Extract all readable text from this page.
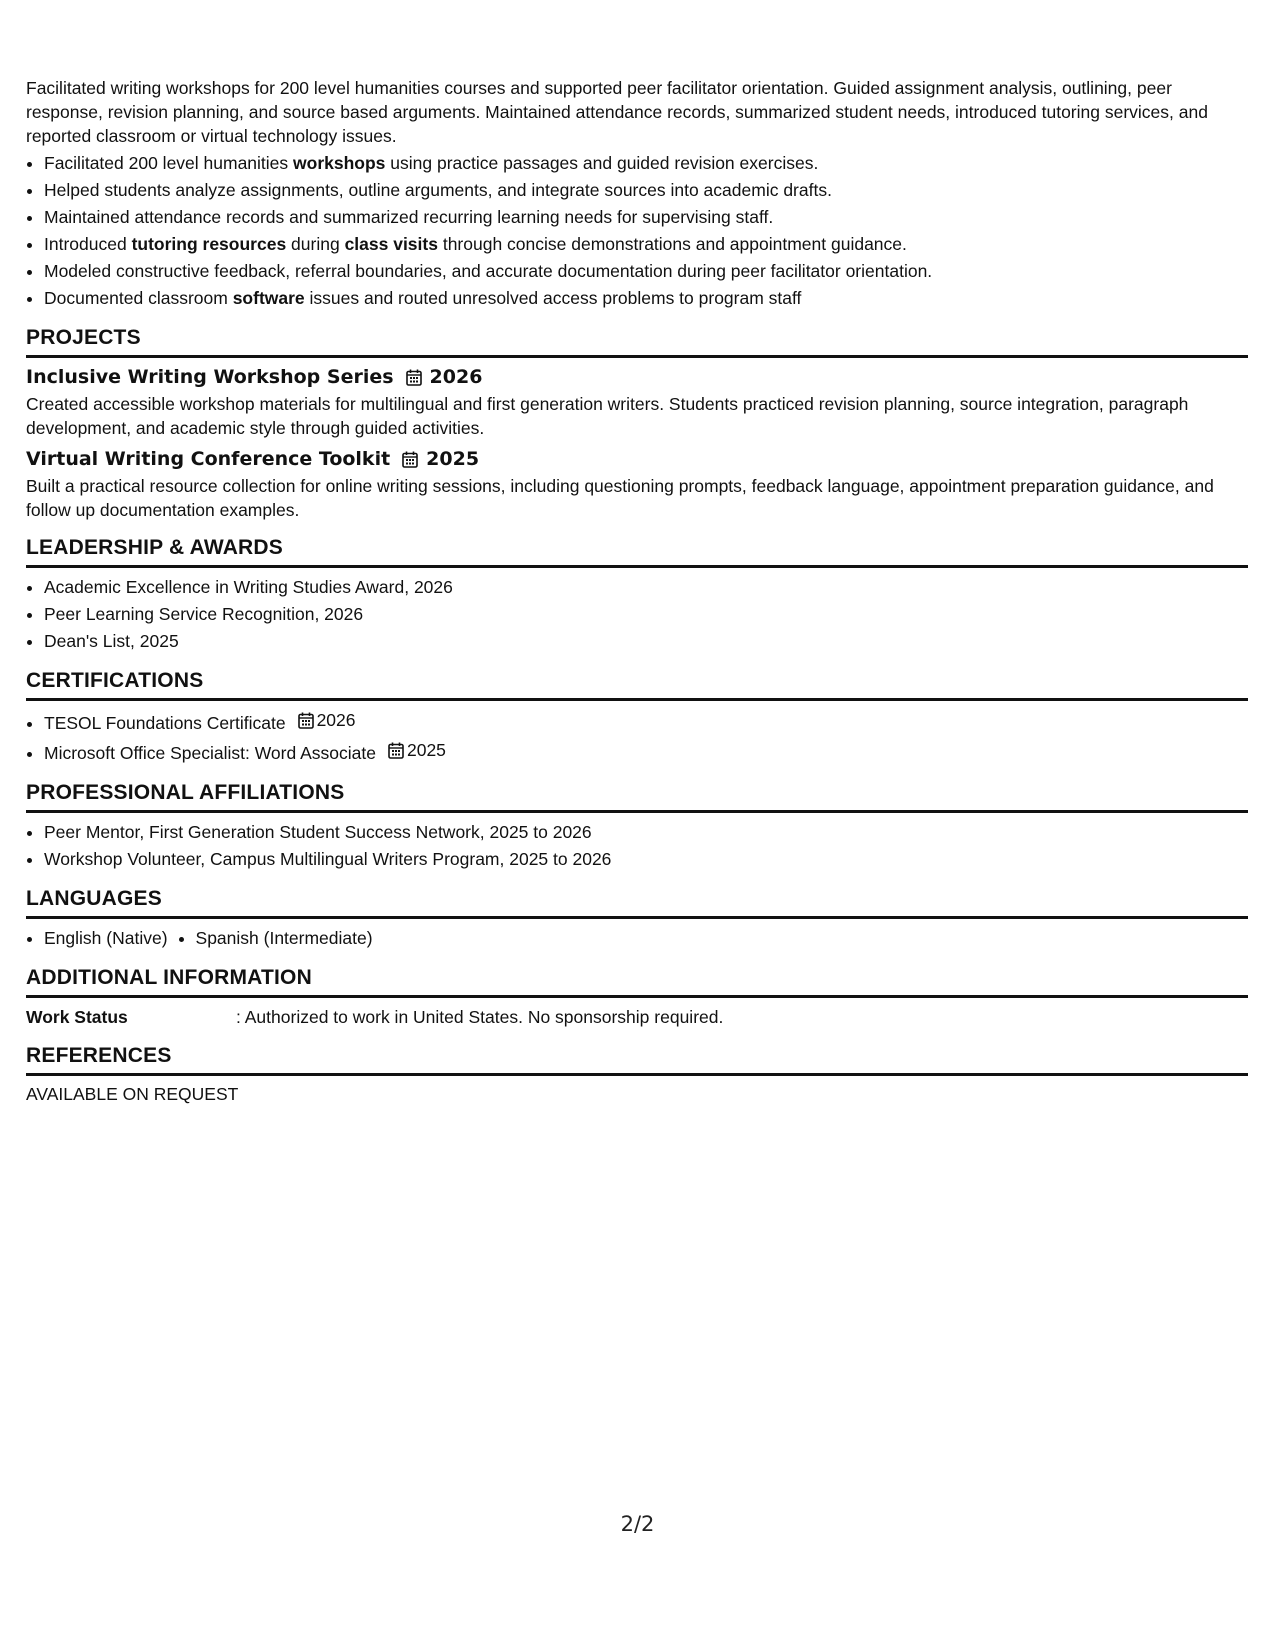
Facilitated writing workshops for 200 level humanities courses and supported peer facilitator orientation. Guided assignment analysis, outlining, peer response, revision planning, and source based arguments. Maintained attendance records, summarized student needs, introduced tutoring services, and reported classroom or virtual technology issues.

• Facilitated 200 level humanities workshops using practice passages and guided revision exercises.
• Helped students analyze assignments, outline arguments, and integrate sources into academic drafts.
• Maintained attendance records and summarized recurring learning needs for supervising staff.
• Introduced tutoring resources during class visits through concise demonstrations and appointment guidance.
• Modeled constructive feedback, referral boundaries, and accurate documentation during peer facilitator orientation.
• Documented classroom software issues and routed unresolved access problems to program staff
PROJECTS
Inclusive Writing Workshop Series 2026

Created accessible workshop materials for multilingual and first generation writers. Students practiced revision planning, source integration, paragraph development, and academic style through guided activities.

Virtual Writing Conference Toolkit 2025

Built a practical resource collection for online writing sessions, including questioning prompts, feedback language, appointment preparation guidance, and follow up documentation examples.

LEADERSHIP & AWARDS
• Academic Excellence in Writing Studies Award, 2026
• Peer Learning Service Recognition, 2026
• Dean's List, 2025
CERTIFICATIONS
• TESOL Foundations Certificate 2026
• Microsoft Office Specialist: Word Associate 2025
PROFESSIONAL AFFILIATIONS
• Peer Mentor, First Generation Student Success Network, 2025 to 2026
• Workshop Volunteer, Campus Multilingual Writers Program, 2025 to 2026
LANGUAGES
• English (Native)
• Spanish (Intermediate)
ADDITIONAL INFORMATION
Work Status	: Authorized to work in United States. No sponsorship required.
REFERENCES
AVAILABLE ON REQUEST
2/2
